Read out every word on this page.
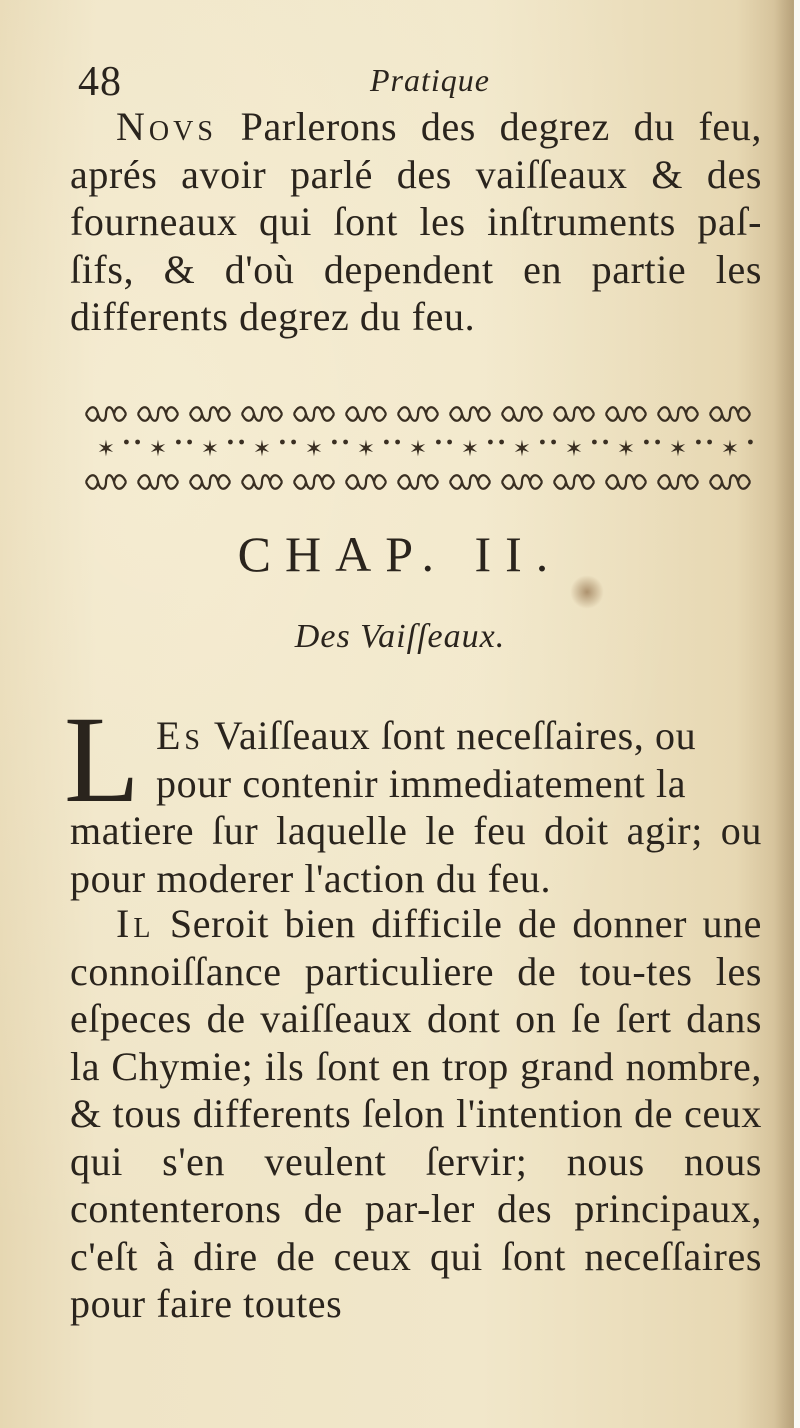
48	Pratique

Novs Parlerons des degrez du feu, aprés avoir parlé des vaiſſeaux & des fourneaux qui ſont les inſtruments paſ-ſifs, & d'où dependent en partie les differents degrez du feu.

✶ ✶ ✶ ✶ ✶ ✶ ✶ ✶ ✶ ✶ ✶ ✶ ✶
CHAP. II.
Des Vaiſſeaux.
L Es Vaiſſeaux ſont neceſſaires, ou

pour contenir immediatement la

matiere ſur laquelle le feu doit agir; ou pour moderer l'action du feu.

Il Seroit bien difficile de donner une connoiſſance particuliere de tou-tes les eſpeces de vaiſſeaux dont on ſe ſert dans la Chymie; ils ſont en trop grand nombre, & tous differents ſelon l'intention de ceux qui s'en veulent ſervir; nous nous contenterons de par-ler des principaux, c'eſt à dire de ceux qui ſont neceſſaires pour faire toutes
